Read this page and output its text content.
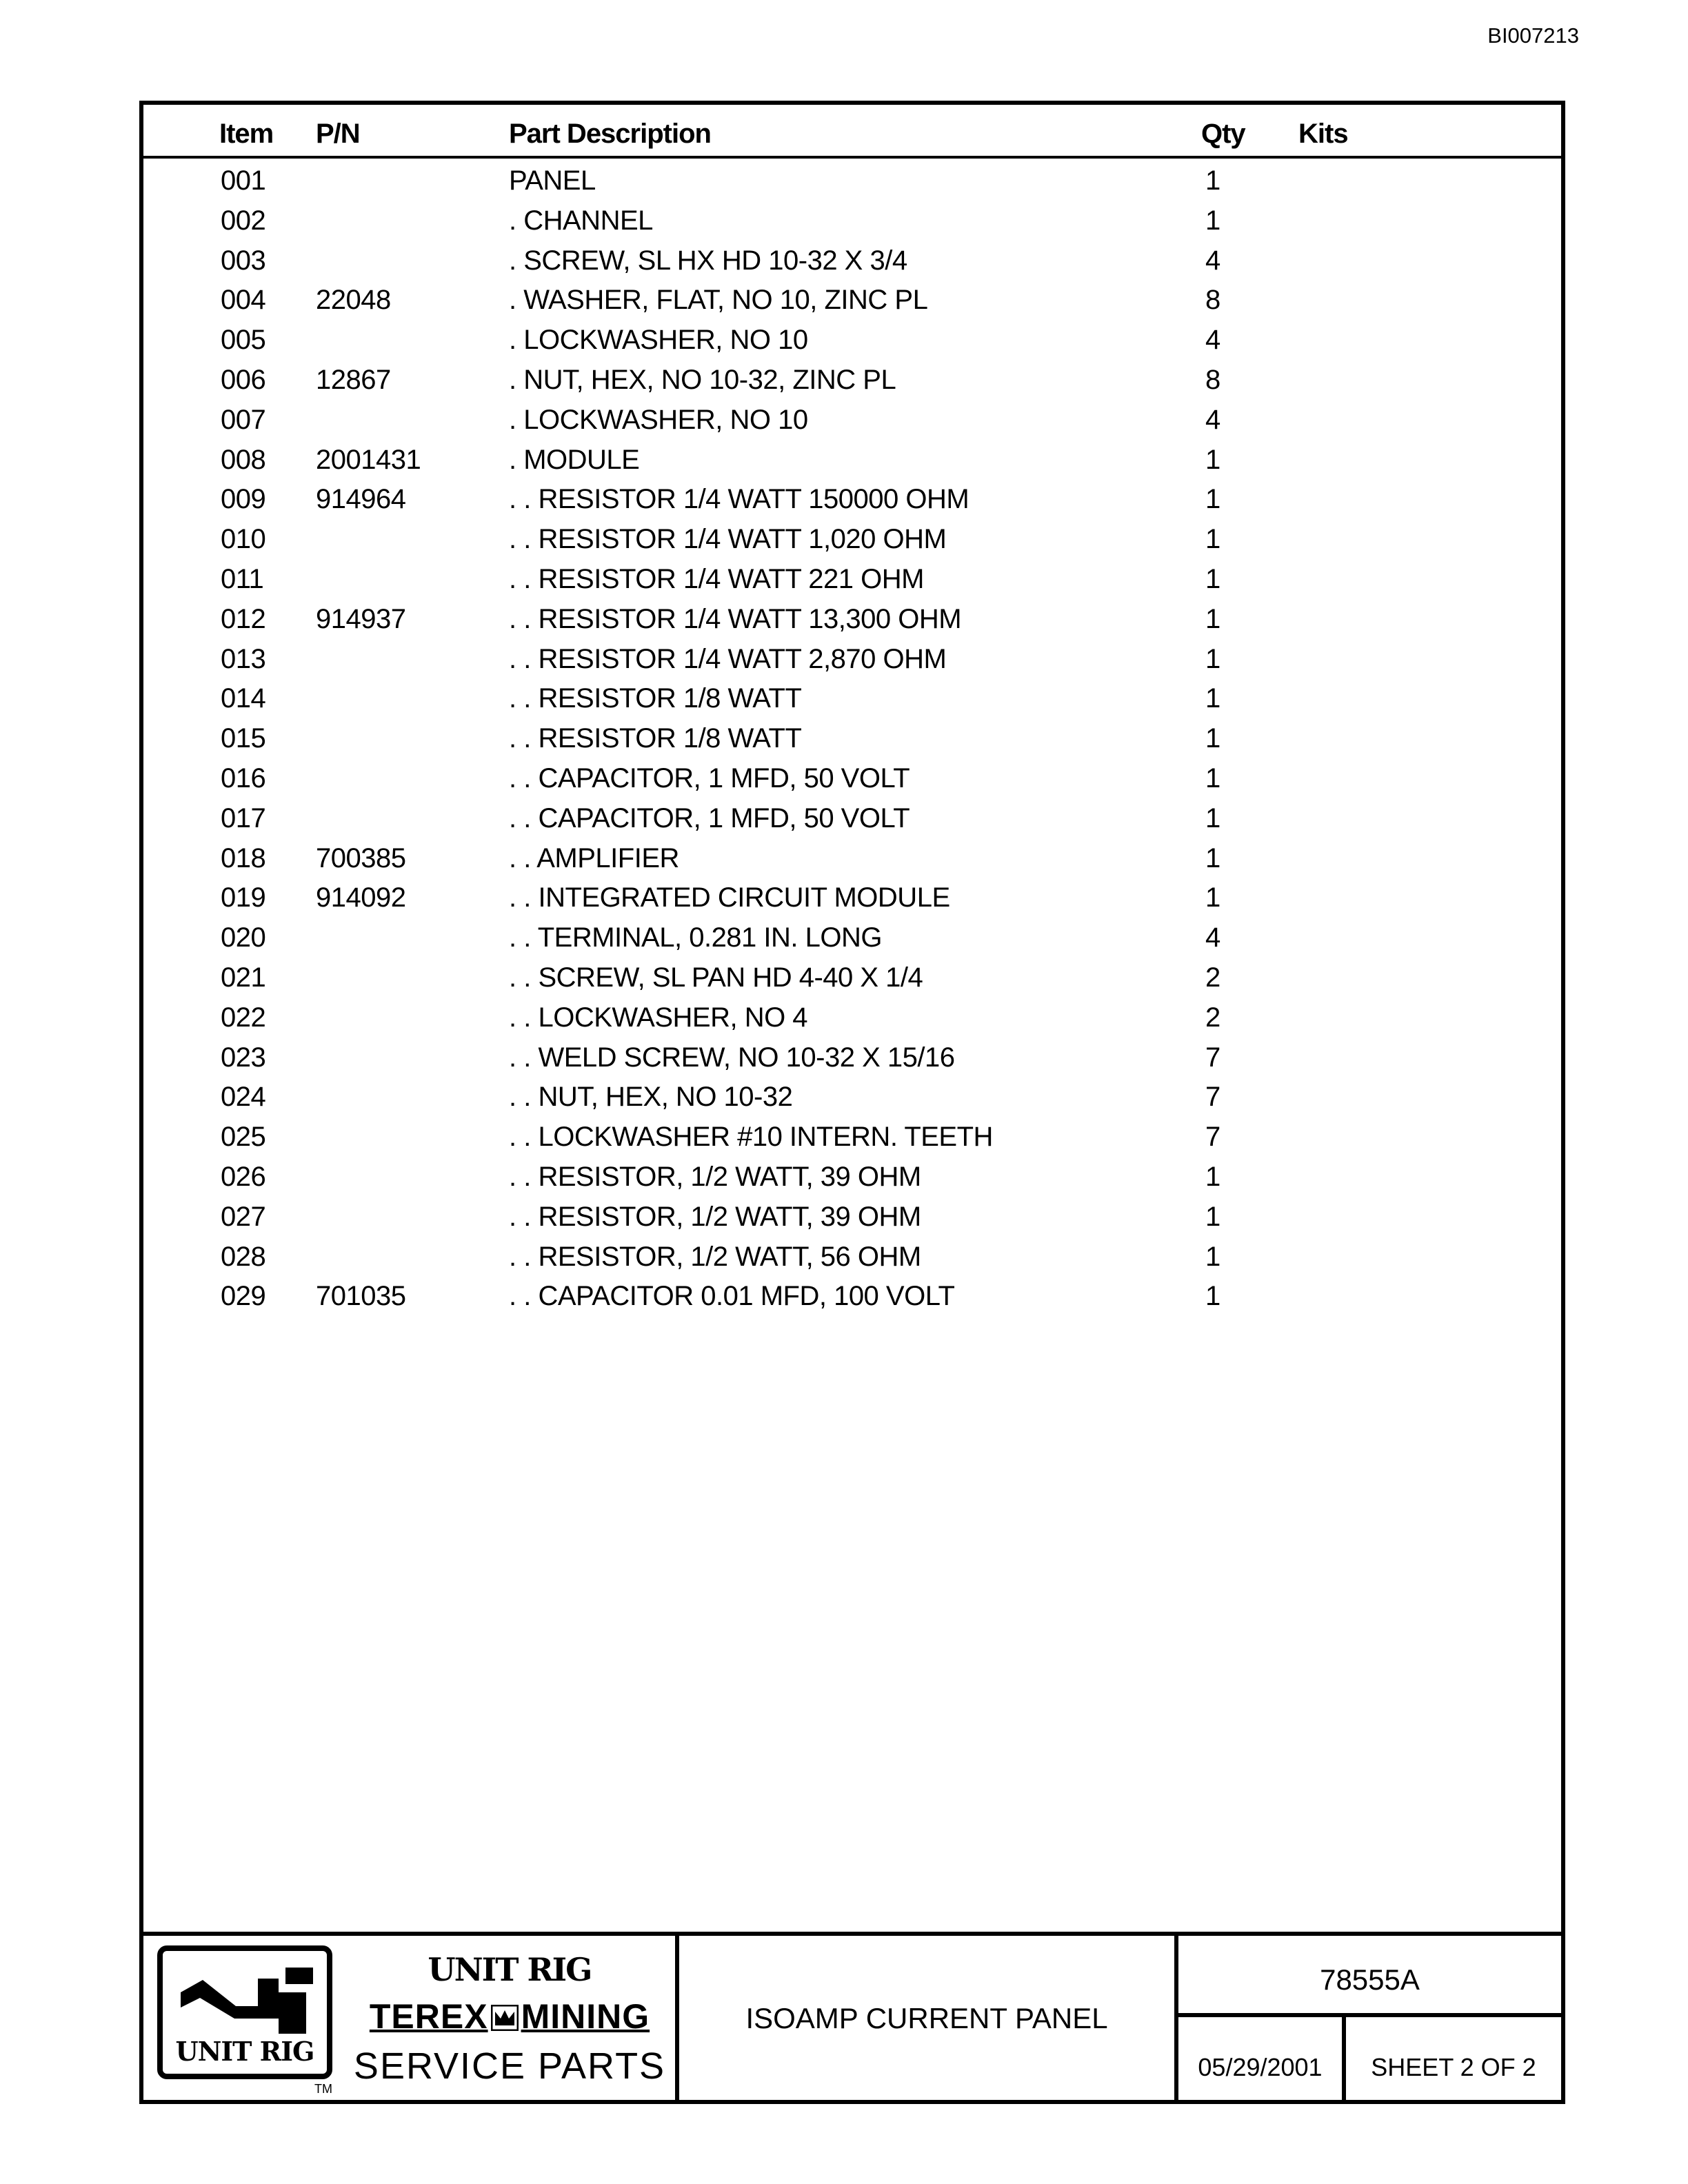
BI007213
Item P/N	Part Description	Qty Kits
001	PANEL	1
002	. CHANNEL	1
003	. SCREW, SL HX HD 10-32 X 3/4	4
004 22048	. WASHER, FLAT, NO 10, ZINC PL	8
005	. LOCKWASHER, NO 10	4
006 12867	. NUT, HEX, NO 10-32, ZINC PL	8
007	. LOCKWASHER, NO 10	4
008 2001431	. MODULE	1
009 914964	. . RESISTOR 1/4 WATT 150000 OHM	1
010	. . RESISTOR 1/4 WATT 1,020 OHM	1
011	. . RESISTOR 1/4 WATT 221 OHM	1
012 914937	. . RESISTOR 1/4 WATT 13,300 OHM	1
013	. . RESISTOR 1/4 WATT 2,870 OHM	1
014	. . RESISTOR 1/8 WATT	1
015	. . RESISTOR 1/8 WATT	1
016	. . CAPACITOR, 1 MFD, 50 VOLT	1
017	. . CAPACITOR, 1 MFD, 50 VOLT	1
018 700385	. . AMPLIFIER	1
019 914092	. . INTEGRATED CIRCUIT MODULE	1
020	. . TERMINAL, 0.281 IN. LONG	4
021	. . SCREW, SL PAN HD 4-40 X 1/4	2
022	. . LOCKWASHER, NO 4	2
023	. . WELD SCREW, NO 10-32 X 15/16	7
024	. . NUT, HEX, NO 10-32	7
025	. . LOCKWASHER #10 INTERN. TEETH	7
026	. . RESISTOR, 1/2 WATT, 39 OHM	1
027	. . RESISTOR, 1/2 WATT, 39 OHM	1
028	. . RESISTOR, 1/2 WATT, 56 OHM	1
029 701035	. . CAPACITOR 0.01 MFD, 100 VOLT	1
UNIT RIG
TM
UNIT RIG
TEREX MINING
SERVICE PARTS
ISOAMP CURRENT PANEL
78555A
05/29/2001	SHEET 2 OF 2
